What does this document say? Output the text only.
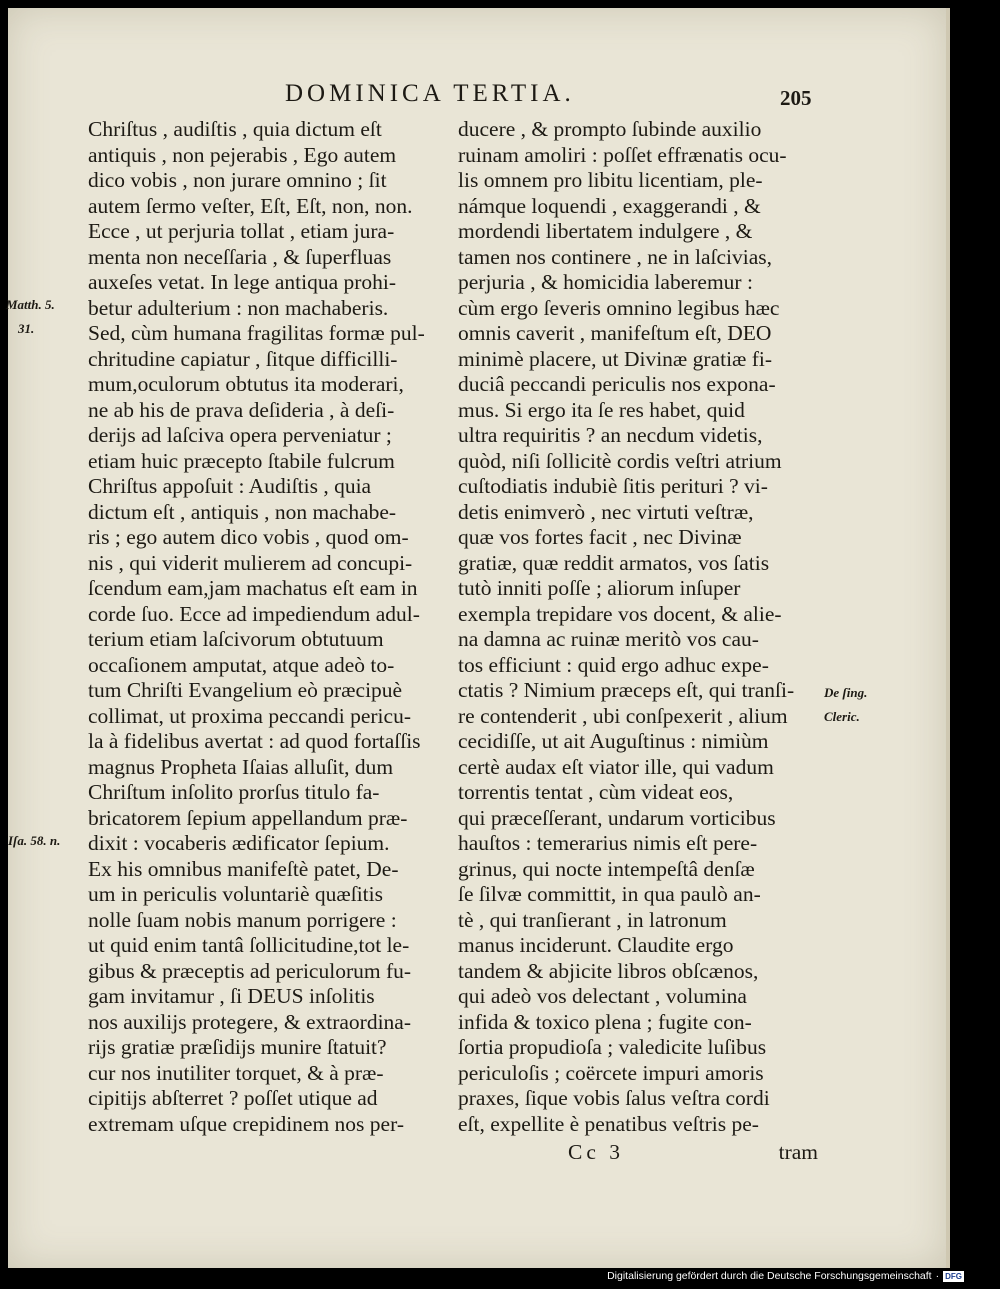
DOMINICA TERTIA.	205
Chriſtus , audiſtis , quia dictum eſt
antiquis , non pejerabis , Ego autem
dico vobis , non jurare omnino ; ſit
autem ſermo veſter, Eſt, Eſt, non, non.
Ecce , ut perjuria tollat , etiam jura-
menta non neceſſaria , & ſuperfluas
auxeſes vetat. In lege antiqua prohi-
betur adulterium : non machaberis.
Sed, cùm humana fragilitas formæ pul-
chritudine capiatur , ſitque difficilli-
mum,oculorum obtutus ita moderari,
ne ab his de prava deſideria , à deſi-
derijs ad laſciva opera perveniatur ;
etiam huic præcepto ſtabile fulcrum
Chriſtus appoſuit : Audiſtis , quia
dictum eſt , antiquis , non machabe-
ris ; ego autem dico vobis , quod om-
nis , qui viderit mulierem ad concupi-
ſcendum eam,jam machatus eſt eam in
corde ſuo. Ecce ad impediendum adul-
terium etiam laſcivorum obtutuum
occaſionem amputat, atque adeò to-
tum Chriſti Evangelium eò præcipuè
collimat, ut proxima peccandi pericu-
la à fidelibus avertat : ad quod fortaſſis
magnus Propheta Iſaias alluſit, dum
Chriſtum inſolito prorſus titulo fa-
bricatorem ſepium appellandum præ-
dixit : vocaberis ædificator ſepium.
Ex his omnibus manifeſtè patet, De-
um in periculis voluntariè quæſitis
nolle ſuam nobis manum porrigere :
ut quid enim tantâ ſollicitudine,tot le-
gibus & præceptis ad periculorum fu-
gam invitamur , ſi DEUS inſolitis
nos auxilijs protegere, & extraordina-
rijs gratiæ præſidijs munire ſtatuit?
cur nos inutiliter torquet, & à præ-
cipitijs abſterret ? poſſet utique ad
extremam uſque crepidinem nos per-
ducere , & prompto ſubinde auxilio
ruinam amoliri : poſſet effrænatis ocu-
lis omnem pro libitu licentiam, ple-
námque loquendi , exaggerandi , &
mordendi libertatem indulgere , &
tamen nos continere , ne in laſcivias,
perjuria , & homicidia laberemur :
cùm ergo ſeveris omnino legibus hæc
omnis caverit , manifeſtum eſt, DEO
minimè placere, ut Divinæ gratiæ fi-
duciâ peccandi periculis nos expona-
mus. Si ergo ita ſe res habet, quid
ultra requiritis ? an necdum videtis,
quòd, niſi ſollicitè cordis veſtri atrium
cuſtodiatis indubiè ſitis perituri ? vi-
detis enimverò , nec virtuti veſtræ,
quæ vos fortes facit , nec Divinæ
gratiæ, quæ reddit armatos, vos ſatis
tutò inniti poſſe ; aliorum inſuper
exempla trepidare vos docent, & alie-
na damna ac ruinæ meritò vos cau-
tos efficiunt : quid ergo adhuc expe-
ctatis ? Nimium præceps eſt, qui tranſi-
re contenderit , ubi conſpexerit , alium
cecidiſſe, ut ait Auguſtinus : nimiùm
certè audax eſt viator ille, qui vadum
torrentis tentat , cùm videat eos,
qui præceſſerant, undarum vorticibus
hauſtos : temerarius nimis eſt pere-
grinus, qui nocte intempeſtâ denſæ
ſe ſilvæ committit, in qua paulò an-
tè , qui tranſierant , in latronum
manus inciderunt. Claudite ergo
tandem & abjicite libros obſcænos,
qui adeò vos delectant , volumina
infida & toxico plena ; fugite con-
ſortia propudioſa ; valedicite luſibus
periculoſis ; coërcete impuri amoris
praxes, ſique vobis ſalus veſtra cordi
eſt, expellite è penatibus veſtris pe-
Cc 3	tram
Matth. 5.
31.
Iſa. 58. n.
De ſing.
Cleric.
Digitalisierung gefördert durch die Deutsche Forschungsgemeinschaft · DFG
